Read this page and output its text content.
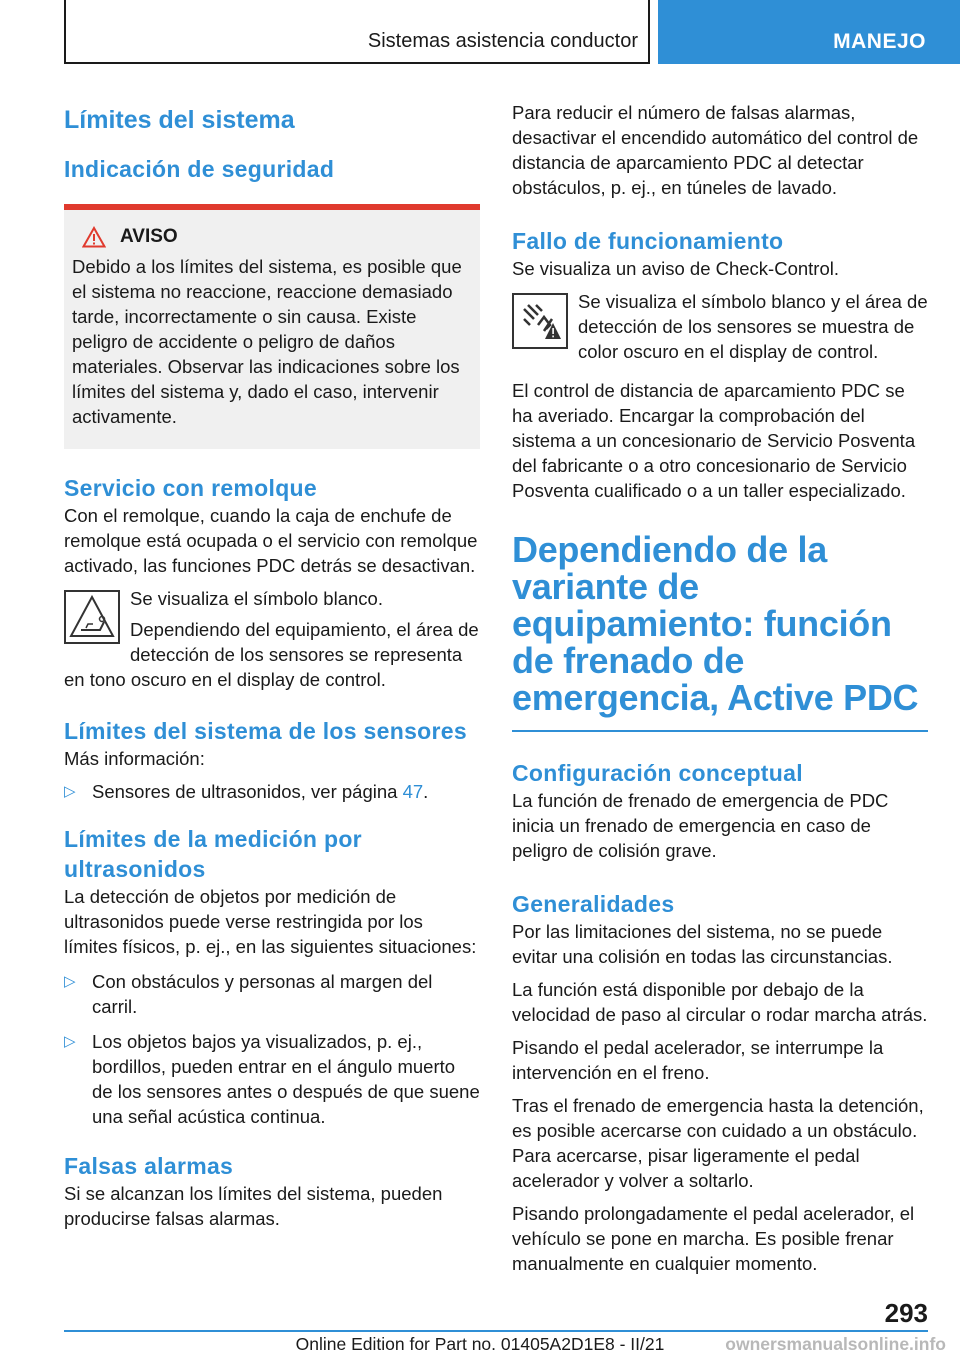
Sistemas asistencia conductor	MANEJO
Límites del sistema
Indicación de seguridad
AVISO

Debido a los límites del sistema, es posible que el sistema no reaccione, reaccione demasiado tarde, incorrectamente o sin causa. Existe peligro de accidente o peligro de daños materiales. Observar las indicaciones sobre los límites del sistema y, dado el caso, intervenir activamente.

Servicio con remolque

Con el remolque, cuando la caja de enchufe de remolque está ocupada o el servicio con remolque activado, las funciones PDC detrás se desactivan.

Se visualiza el símbolo blanco.

Dependiendo del equipamiento, el área de detección de los sensores se representa en tono oscuro en el display de control.

Límites del sistema de los sensores

Más información:

▷ Sensores de ultrasonidos, ver página 47.

Límites de la medición por ultrasonidos

La detección de objetos por medición de ultrasonidos puede verse restringida por los límites físicos, p. ej., en las siguientes situaciones:

▷ Con obstáculos y personas al margen del carril.

▷ Los objetos bajos ya visualizados, p. ej., bordillos, pueden entrar en el ángulo muerto de los sensores antes o después de que suene una señal acústica continua.

Falsas alarmas

Si se alcanzan los límites del sistema, pueden producirse falsas alarmas.

Para reducir el número de falsas alarmas, desactivar el encendido automático del control de distancia de aparcamiento PDC al detectar obstáculos, p. ej., en túneles de lavado.

Fallo de funcionamiento

Se visualiza un aviso de Check-Control.

Se visualiza el símbolo blanco y el área de detección de los sensores se muestra de color oscuro en el display de control.

El control de distancia de aparcamiento PDC se ha averiado. Encargar la comprobación del sistema a un concesionario de Servicio Posventa del fabricante o a otro concesionario de Servicio Posventa cualificado o a un taller especializado.

Dependiendo de la variante de equipamiento: función de frenado de emergencia, Active PDC
Configuración conceptual

La función de frenado de emergencia de PDC inicia un frenado de emergencia en caso de peligro de colisión grave.

Generalidades

Por las limitaciones del sistema, no se puede evitar una colisión en todas las circunstancias.

La función está disponible por debajo de la velocidad de paso al circular o rodar marcha atrás.

Pisando el pedal acelerador, se interrumpe la intervención en el freno.

Tras el frenado de emergencia hasta la detención, es posible acercarse con cuidado a un obstáculo. Para acercarse, pisar ligeramente el pedal acelerador y volver a soltarlo.

Pisando prolongadamente el pedal acelerador, el vehículo se pone en marcha. Es posible frenar manualmente en cualquier momento.

293
Online Edition for Part no. 01405A2D1E8 - II/21	ownersmanualsonline.info
